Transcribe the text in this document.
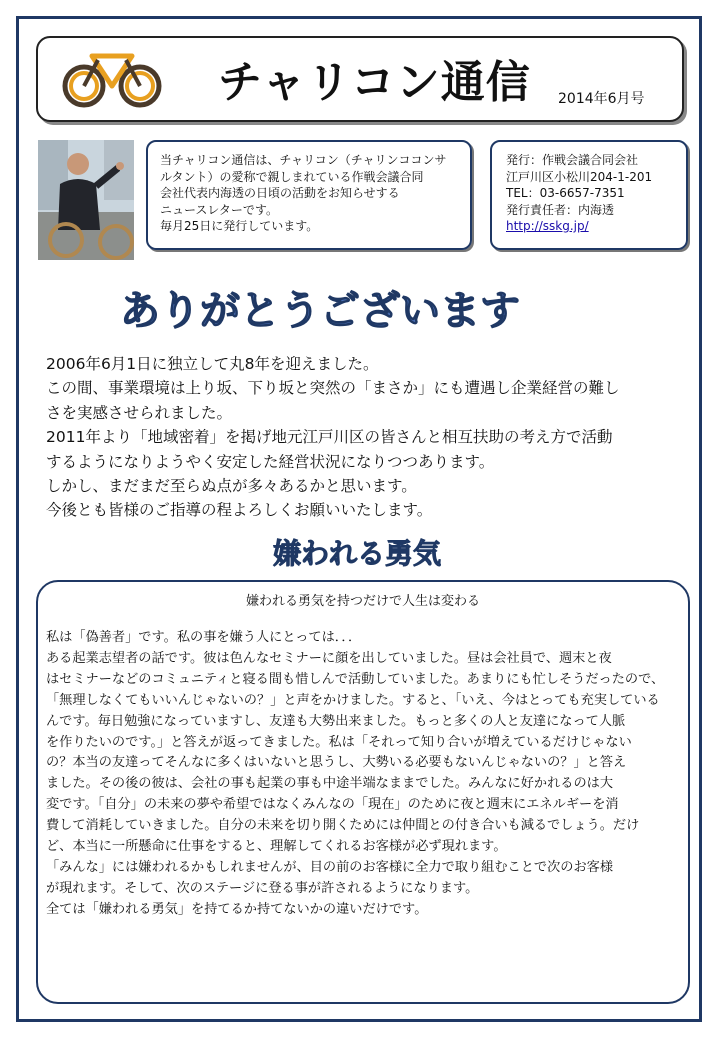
チャリコン通信 2014年6月号
当チャリコン通信は、チャリコン（チャリンココンサ
ルタント）の愛称で親しまれている作戦会議合同
会社代表内海透の日頃の活動をお知らせする
ニュースレターです。
毎月25日に発行しています。
発行：作戦会議合同会社
江戸川区小松川204-1-201
TEL：03-6657-7351
発行責任者：内海透
http://sskg.jp/
ありがとうございます
2006年6月1日に独立して丸8年を迎えました。
この間、事業環境は上り坂、下り坂と突然の「まさか」にも遭遇し企業経営の難し
さを実感させられました。
2011年より「地域密着」を掲げ地元江戸川区の皆さんと相互扶助の考え方で活動
するようになりようやく安定した経営状況になりつつあります。
しかし、まだまだ至らぬ点が多々あるかと思います。
今後とも皆様のご指導の程よろしくお願いいたします。
嫌われる勇気
嫌われる勇気を持つだけで人生は変わる
私は「偽善者」です。私の事を嫌う人にとっては．．．
ある起業志望者の話です。彼は色んなセミナーに顔を出していました。昼は会社員で、週末と夜
はセミナーなどのコミュニティと寝る間も惜しんで活動していました。あまりにも忙しそうだったので、
「無理しなくてもいいんじゃないの？」と声をかけました。すると、「いえ、今はとっても充実している
んです。毎日勉強になっていますし、友達も大勢出来ました。もっと多くの人と友達になって人脈
を作りたいのです。」と答えが返ってきました。私は「それって知り合いが増えているだけじゃない
の？本当の友達ってそんなに多くはいないと思うし、大勢いる必要もないんじゃないの？」と答え
ました。その後の彼は、会社の事も起業の事も中途半端なままでした。みんなに好かれるのは大
変です。「自分」の未来の夢や希望ではなくみんなの「現在」のために夜と週末にエネルギーを消
費して消耗していきました。自分の未来を切り開くためには仲間との付き合いも減るでしょう。だけ
ど、本当に一所懸命に仕事をすると、理解してくれるお客様が必ず現れます。
「みんな」には嫌われるかもしれませんが、目の前のお客様に全力で取り組むことで次のお客様
が現れます。そして、次のステージに登る事が許されるようになります。
全ては「嫌われる勇気」を持てるか持てないかの違いだけです。
